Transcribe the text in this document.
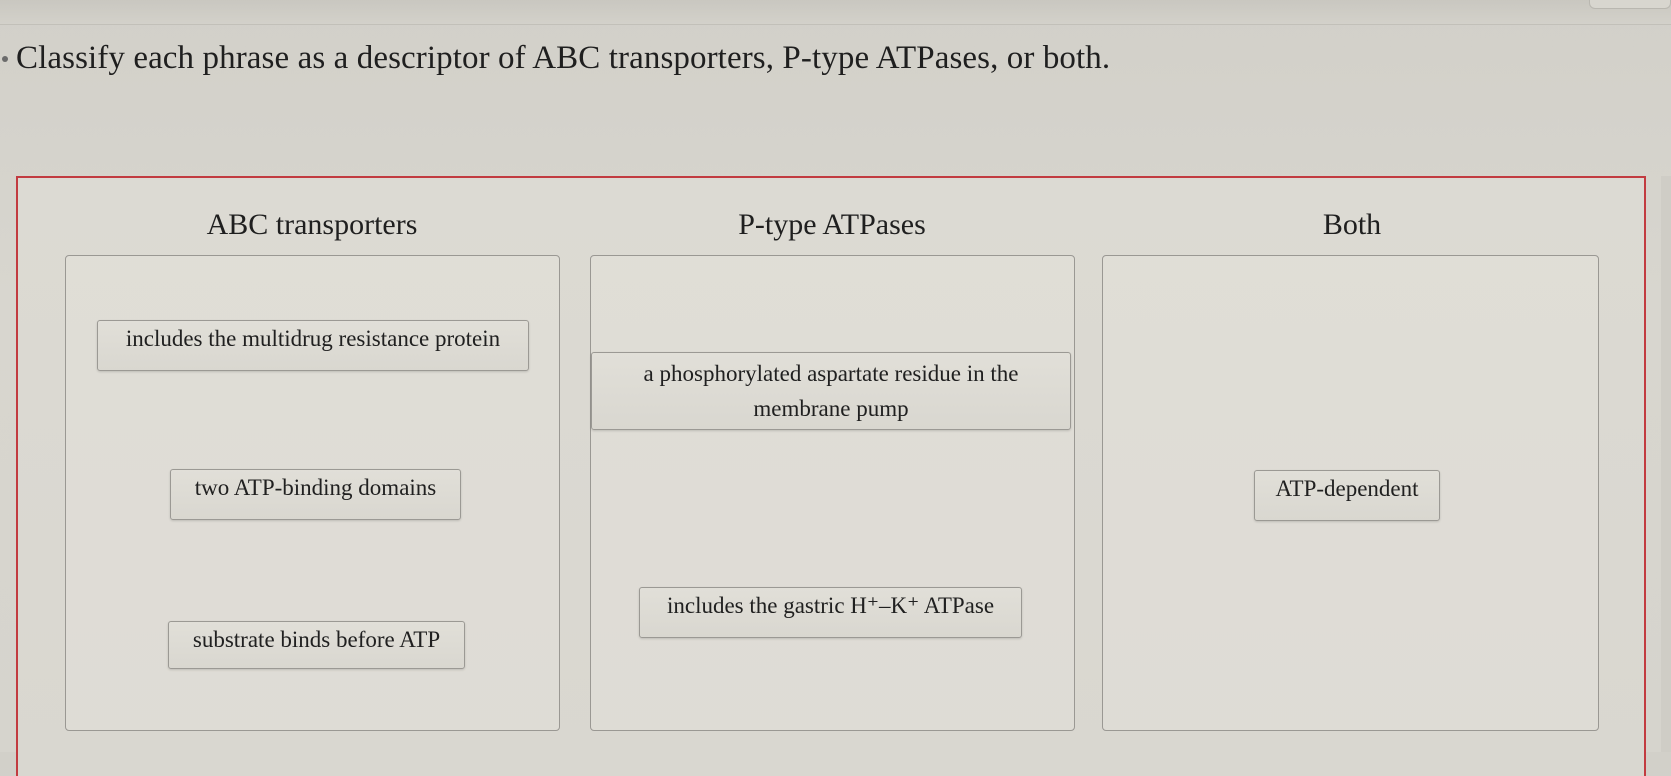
Classify each phrase as a descriptor of ABC transporters, P-type ATPases, or both.
ABC transporters	P-type ATPases	Both
includes the multidrug resistance protein
two ATP-binding domains
substrate binds before ATP
a phosphorylated aspartate residue in the membrane pump
includes the gastric H⁺–K⁺ ATPase
ATP-dependent
